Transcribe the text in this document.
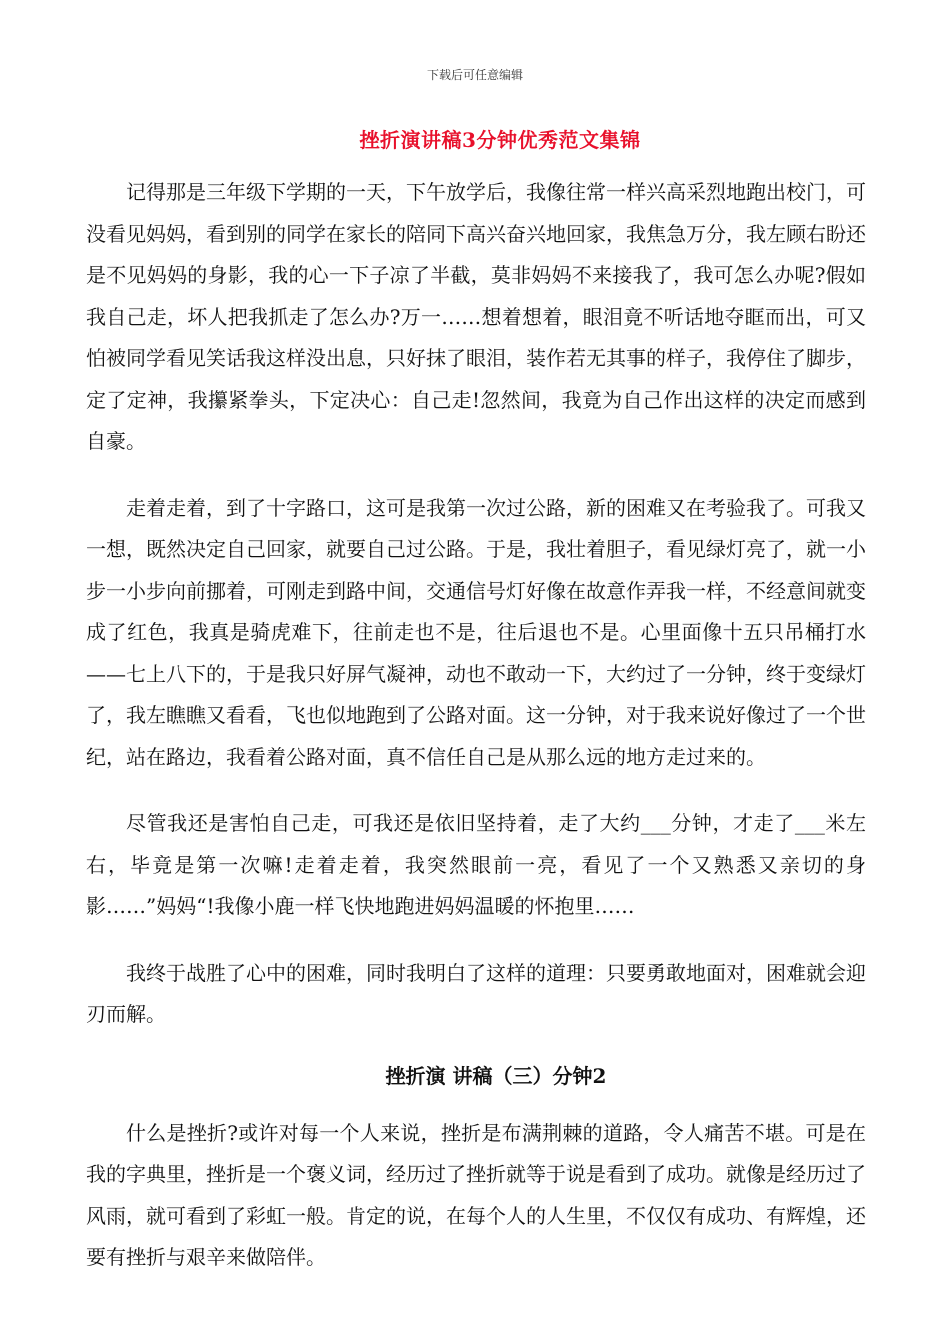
下载后可任意编辑
挫折演讲稿3分钟优秀范文集锦

记得那是三年级下学期的一天，下午放学后，我像往常一样兴高采烈地跑出校门，可没看见妈妈，看到别的同学在家长的陪同下高兴奋兴地回家，我焦急万分，我左顾右盼还是不见妈妈的身影，我的心一下子凉了半截，莫非妈妈不来接我了，我可怎么办呢?假如我自己走，坏人把我抓走了怎么办?万一……想着想着，眼泪竟不听话地夺眶而出，可又怕被同学看见笑话我这样没出息，只好抹了眼泪，装作若无其事的样子，我停住了脚步，定了定神，我攥紧拳头，下定决心：自己走!忽然间，我竟为自己作出这样的决定而感到自豪。

走着走着，到了十字路口，这可是我第一次过公路，新的困难又在考验我了。可我又一想，既然决定自己回家，就要自己过公路。于是，我壮着胆子，看见绿灯亮了，就一小步一小步向前挪着，可刚走到路中间，交通信号灯好像在故意作弄我一样，不经意间就变成了红色，我真是骑虎难下，往前走也不是，往后退也不是。心里面像十五只吊桶打水——七上八下的，于是我只好屏气凝神，动也不敢动一下，大约过了一分钟，终于变绿灯了，我左瞧瞧又看看，飞也似地跑到了公路对面。这一分钟，对于我来说好像过了一个世纪，站在路边，我看着公路对面，真不信任自己是从那么远的地方走过来的。

尽管我还是害怕自己走，可我还是依旧坚持着，走了大约___分钟，才走了___米左右，毕竟是第一次嘛!走着走着，我突然眼前一亮，看见了一个又熟悉又亲切的身影……”妈妈“!我像小鹿一样飞快地跑进妈妈温暖的怀抱里……

我终于战胜了心中的困难，同时我明白了这样的道理：只要勇敢地面对，困难就会迎刃而解。

挫折演 讲稿（三）分钟2

什么是挫折?或许对每一个人来说，挫折是布满荆棘的道路，令人痛苦不堪。可是在我的字典里，挫折是一个褒义词，经历过了挫折就等于说是看到了成功。就像是经历过了风雨，就可看到了彩虹一般。肯定的说，在每个人的人生里，不仅仅有成功、有辉煌，还要有挫折与艰辛来做陪伴。
